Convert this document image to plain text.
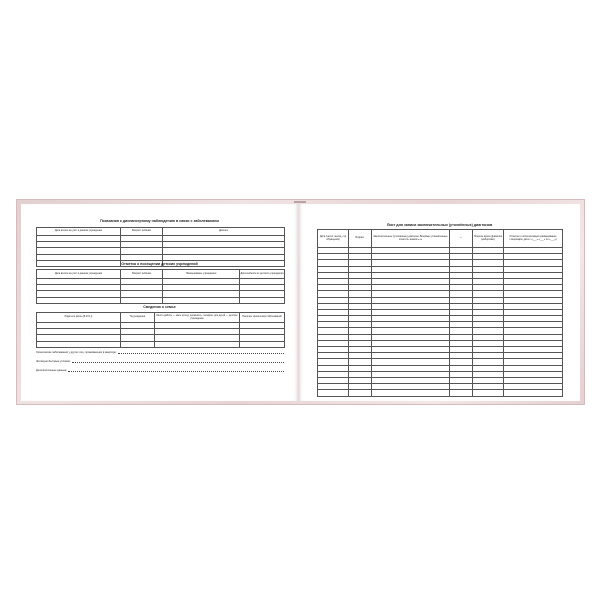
Показания к диспансерному наблюдению в связи с заболеванием
Дата взятия на учёт в данном учреждении	Возраст ребёнка	Диагноз

Отметка о посещении детских учреждений
Дата взятия на учёт в данном учреждении	Возраст ребёнка	Наименование учреждения	Дата выбытия из детского учреждения

Сведения о семье
Родители (мать (Ф.И.О.))	Год рождения	Место работы — мать (отец), должность, телефон; для детей — детское учреждение	Наличие хронических заболеваний

Хронические заболевания у других лиц, проживающих в квартире:
Жилищно-бытовые условия:
Дополнительные данные:
Лист для записи заключительных (уточнённых) диагнозов
Дата (число, месяц, год обращения)	Возраст	Заключительные (уточнённые) диагнозы. Впервые установленные отметить знаком «+»	+	Подпись врача (фамилия разборчиво)	Отметка о госпитализации (наименование стационара, дата с «___» «___» по «___»)
